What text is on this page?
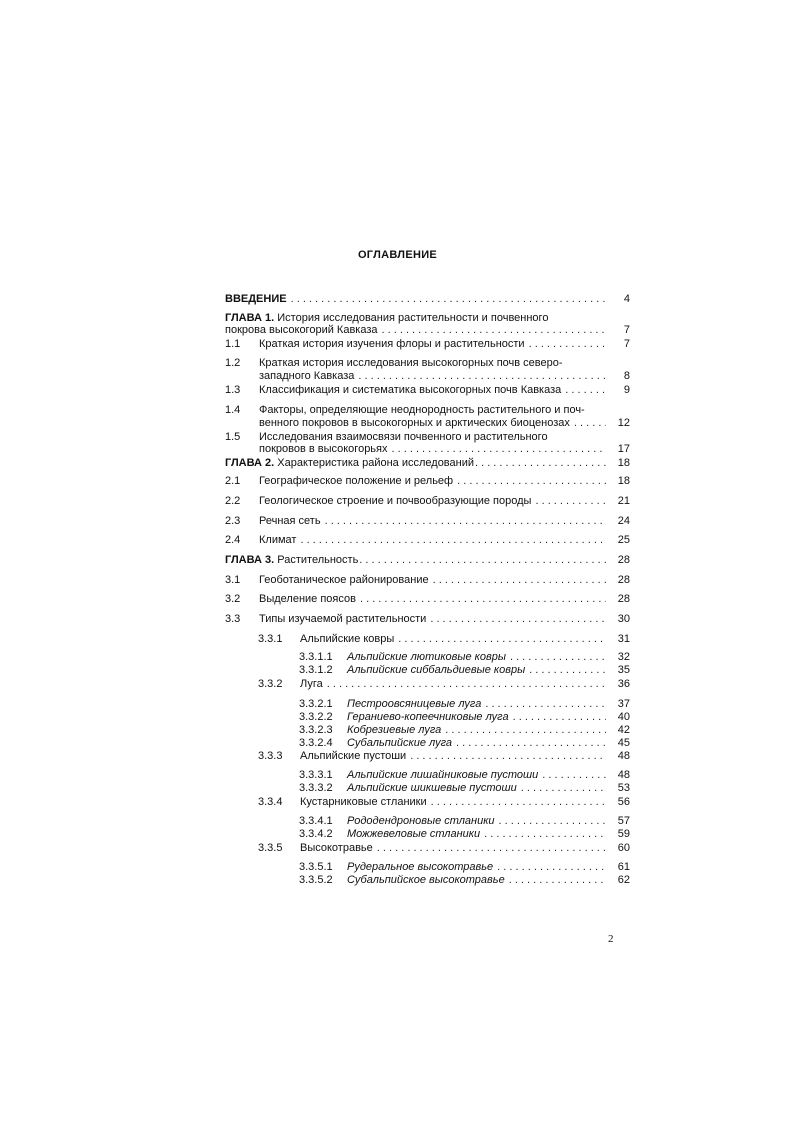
ОГЛАВЛЕНИЕ
ВВЕДЕНИЕ	4
. . .
ГЛАВА 1. История исследования растительности и почвенного
покрова высокогорий Кавказа	7
. . .
1.1 Краткая история изучения флоры и растительности	7
. . .
1.2 Краткая история исследования высокогорных почв северо-
западного Кавказа	8
. . .
1.3 Классификация и систематика высокогорных почв Кавказа	9
. . .
1.4 Факторы, определяющие неоднородность растительного и поч-
венного покровов в высокогорных и арктических биоценозах	12
. . .
1.5 Исследования взаимосвязи почвенного и растительного
покровов в высокогорьях	17
. . .
ГЛАВА 2. Характеристика района исследований	18
. . .
2.1 Географическое положение и рельеф	18
. . .
2.2 Геологическое строение и почвообразующие породы	21
. . .
2.3 Речная сеть	24
. . .
2.4 Климат	25
. . .
ГЛАВА 3. Растительность	28
. . .
3.1 Геоботаническое районирование	28
. . .
3.2 Выделение поясов	28
. . .
3.3 Типы изучаемой растительности	30
. . .
3.3.1 Альпийские ковры	31
. . .
3.3.1.1 Альпийские лютиковые ковры	32
. . .
3.3.1.2 Альпийские сиббальдиевые ковры	35
. . .
3.3.2 Луга	36
. . .
3.3.2.1 Пестроовсяницевые луга	37
. . .
3.3.2.2 Гераниево-копеечниковые луга	40
. . .
3.3.2.3 Кобрезиевые луга	42
. . .
3.3.2.4 Субальпийские луга	45
. . .
3.3.3 Альпийские пустоши	48
. . .
3.3.3.1 Альпийские лишайниковые пустоши	48
. . .
3.3.3.2 Альпийские шикшевые пустоши	53
. . .
3.3.4 Кустарниковые стланики	56
. . .
3.3.4.1 Рододендроновые стланики	57
. . .
3.3.4.2 Можжевеловые стланики	59
. . .
3.3.5 Высокотравье	60
. . .
3.3.5.1 Рудеральное высокотравье	61
. . .
3.3.5.2 Субальпийское высокотравье	62
. . .
2
